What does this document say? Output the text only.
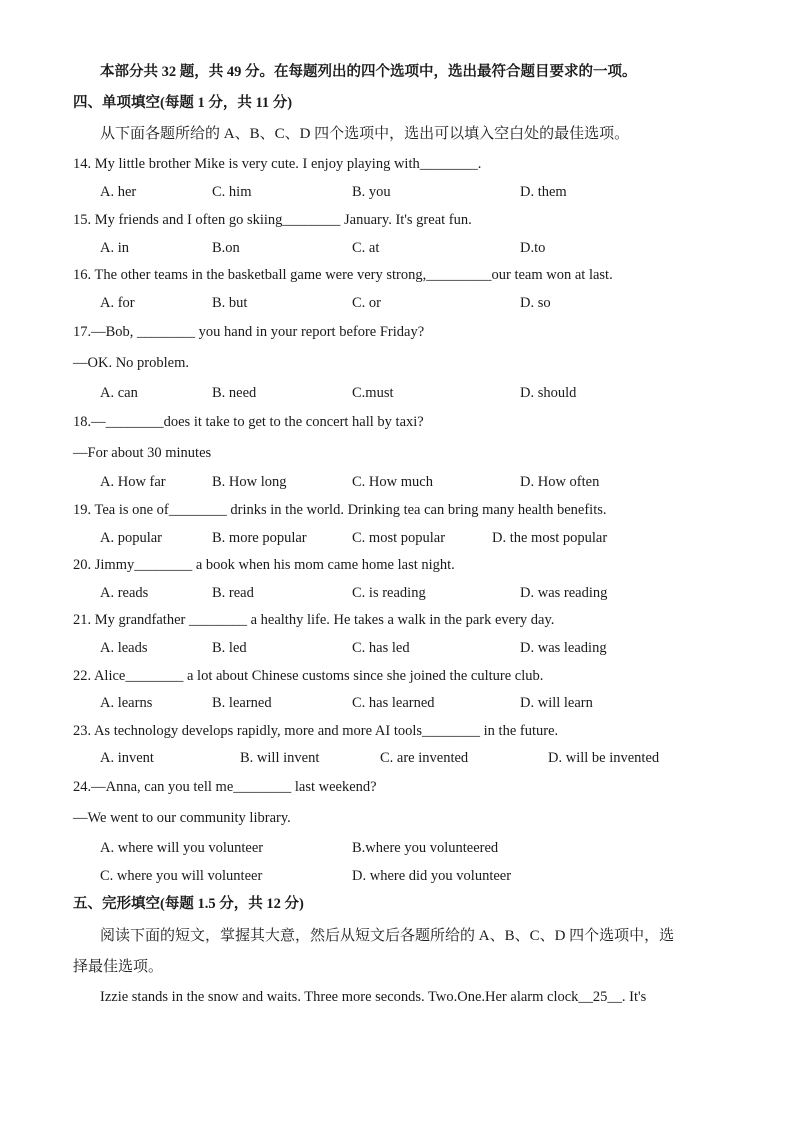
本部分共 32 题，共 49 分。在每题列出的四个选项中，选出最符合题目要求的一项。
四、单项填空(每题 1 分，共 11 分)
从下面各题所给的 A、B、C、D 四个选项中，选出可以填入空白处的最佳选项。
14. My little brother Mike is very cute. I enjoy playing with________.
A. her	C. him	B. you	D. them
15. My friends and I often go skiing________ January. It's great fun.
A. in	B.on	C. at	D.to
16. The other teams in the basketball game were very strong,_________our team won at last.
A. for	B. but	C. or	D. so
17.—Bob, ________ you hand in your report before Friday?
—OK. No problem.
A. can	B. need	C.must	D. should
18.—________does it take to get to the concert hall by taxi?
—For about 30 minutes
A. How far	B. How long	C. How much	D. How often
19. Tea is one of________ drinks in the world. Drinking tea can bring many health benefits.
A. popular	B. more popular	C. most popular	D. the most popular
20. Jimmy________ a book when his mom came home last night.
A. reads	B. read	C. is reading	D. was reading
21. My grandfather ________ a healthy life. He takes a walk in the park every day.
A. leads	B. led	C. has led	D. was leading
22. Alice________ a lot about Chinese customs since she joined the culture club.
A. learns	B. learned	C. has learned	D. will learn
23. As technology develops rapidly, more and more AI tools________ in the future.
A. invent	B. will invent	C. are invented	D. will be invented
24.—Anna, can you tell me________ last weekend?
—We went to our community library.
A. where will you volunteer	B.where you volunteered
C. where you will volunteer	D. where did you volunteer
五、完形填空(每题 1.5 分，共 12 分)
阅读下面的短文，掌握其大意，然后从短文后各题所给的 A、B、C、D 四个选项中，选
择最佳选项。
Izzie stands in the snow and waits. Three more seconds. Two.One.Her alarm clock__25__. It's
